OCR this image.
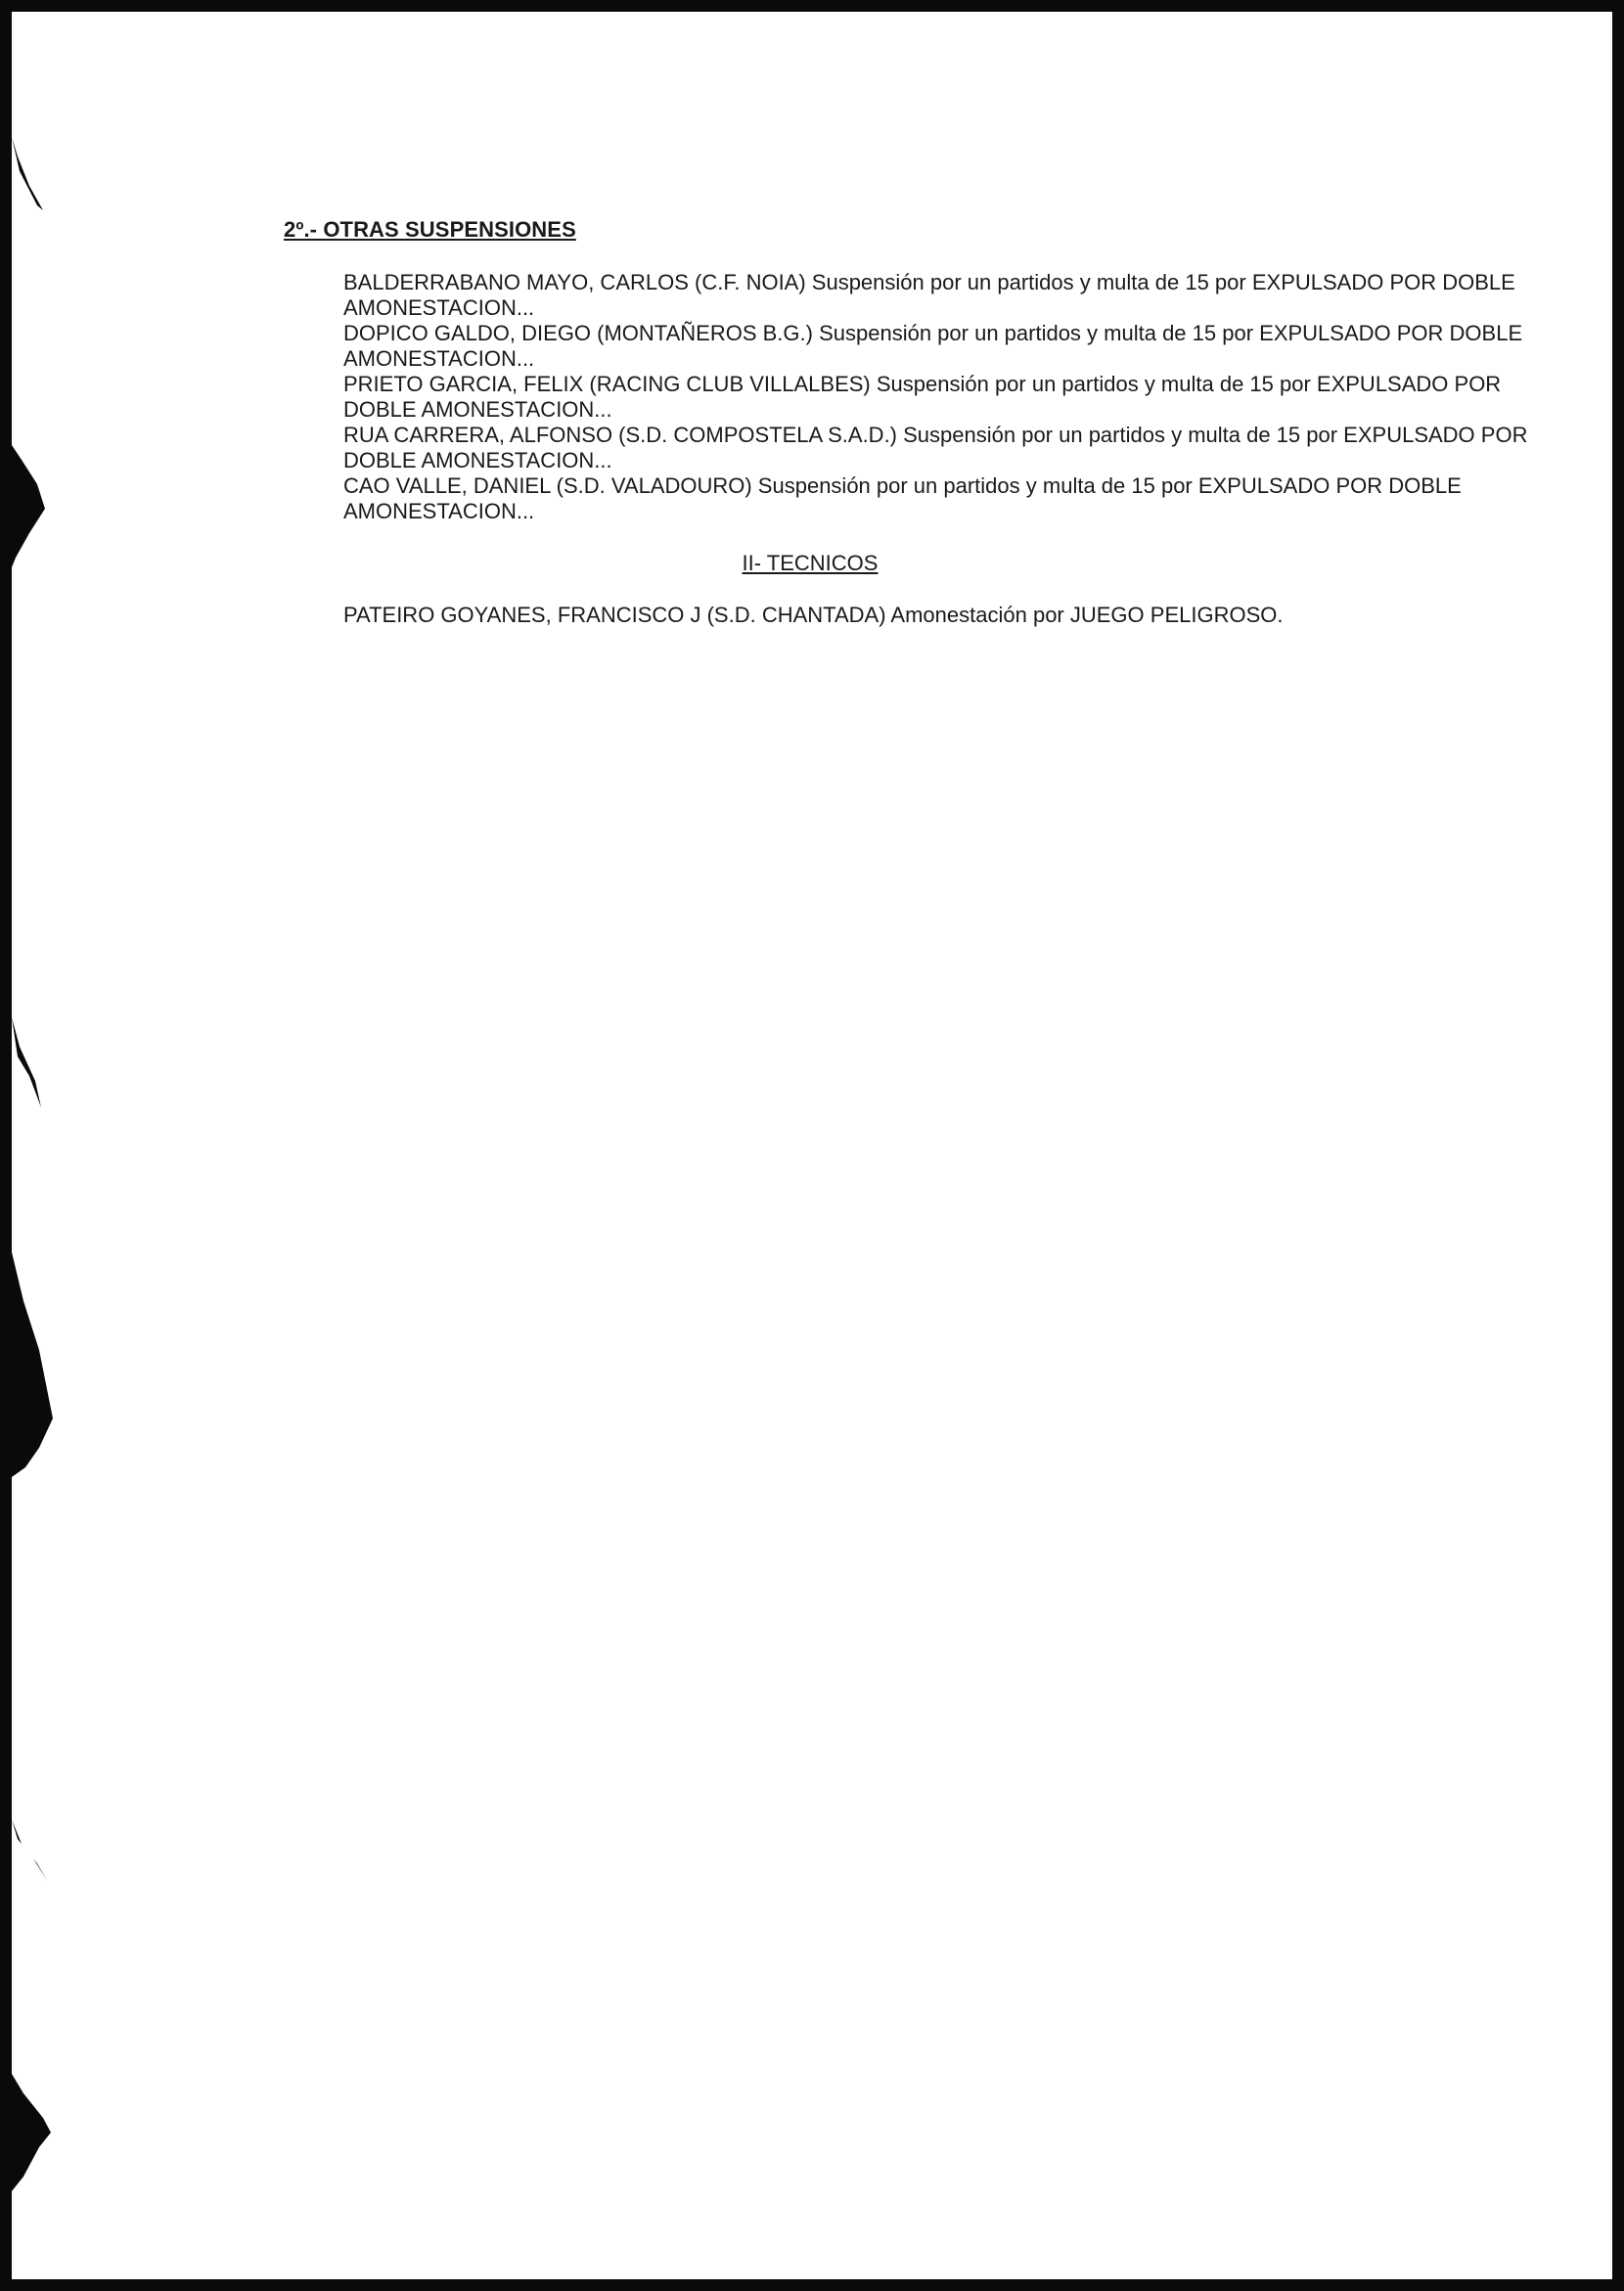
2º.- OTRAS SUSPENSIONES
BALDERRABANO MAYO, CARLOS (C.F. NOIA) Suspensión por un partidos y multa de 15 por EXPULSADO POR DOBLE AMONESTACION...
DOPICO GALDO, DIEGO (MONTAÑEROS B.G.) Suspensión por un partidos y multa de 15 por EXPULSADO POR DOBLE AMONESTACION...
PRIETO GARCIA, FELIX (RACING CLUB VILLALBES) Suspensión por un partidos y multa de 15 por EXPULSADO POR DOBLE AMONESTACION...
RUA CARRERA, ALFONSO (S.D. COMPOSTELA S.A.D.) Suspensión por un partidos y multa de 15 por EXPULSADO POR DOBLE AMONESTACION...
CAO VALLE, DANIEL (S.D. VALADOURO) Suspensión por un partidos y multa de 15 por EXPULSADO POR DOBLE AMONESTACION...
II- TECNICOS

PATEIRO GOYANES, FRANCISCO J (S.D. CHANTADA) Amonestación por JUEGO PELIGROSO.
